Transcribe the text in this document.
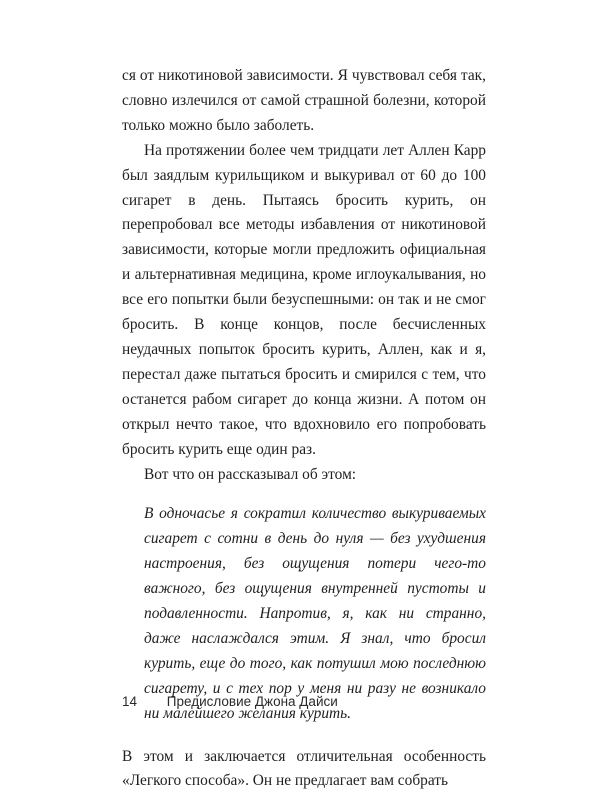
ся от никотиновой зависимости. Я чувствовал себя так, словно излечился от самой страшной болезни, которой только можно было заболеть.

На протяжении более чем тридцати лет Аллен Карр был заядлым курильщиком и выкуривал от 60 до 100 сигарет в день. Пытаясь бросить курить, он перепробовал все методы избавления от никотиновой зависимости, которые могли предложить официальная и альтернативная медицина, кроме иглоукалывания, но все его попытки были безуспешными: он так и не смог бросить. В конце концов, после бесчисленных неудачных попыток бросить курить, Аллен, как и я, перестал даже пытаться бросить и смирился с тем, что останется рабом сигарет до конца жизни. А потом он открыл нечто такое, что вдохновило его попробовать бросить курить еще один раз.

Вот что он рассказывал об этом:

В одночасье я сократил количество выкуриваемых сигарет с сотни в день до нуля — без ухудшения настроения, без ощущения потери чего-то важного, без ощущения внутренней пустоты и подавленности. Напротив, я, как ни странно, даже наслаждался этим. Я знал, что бросил курить, еще до того, как потушил мою последнюю сигарету, и с тех пор у меня ни разу не возникало ни малейшего желания курить.

В этом и заключается отличительная особенность «Легкого способа». Он не предлагает вам собрать

14 Предисловие Джона Дайси
